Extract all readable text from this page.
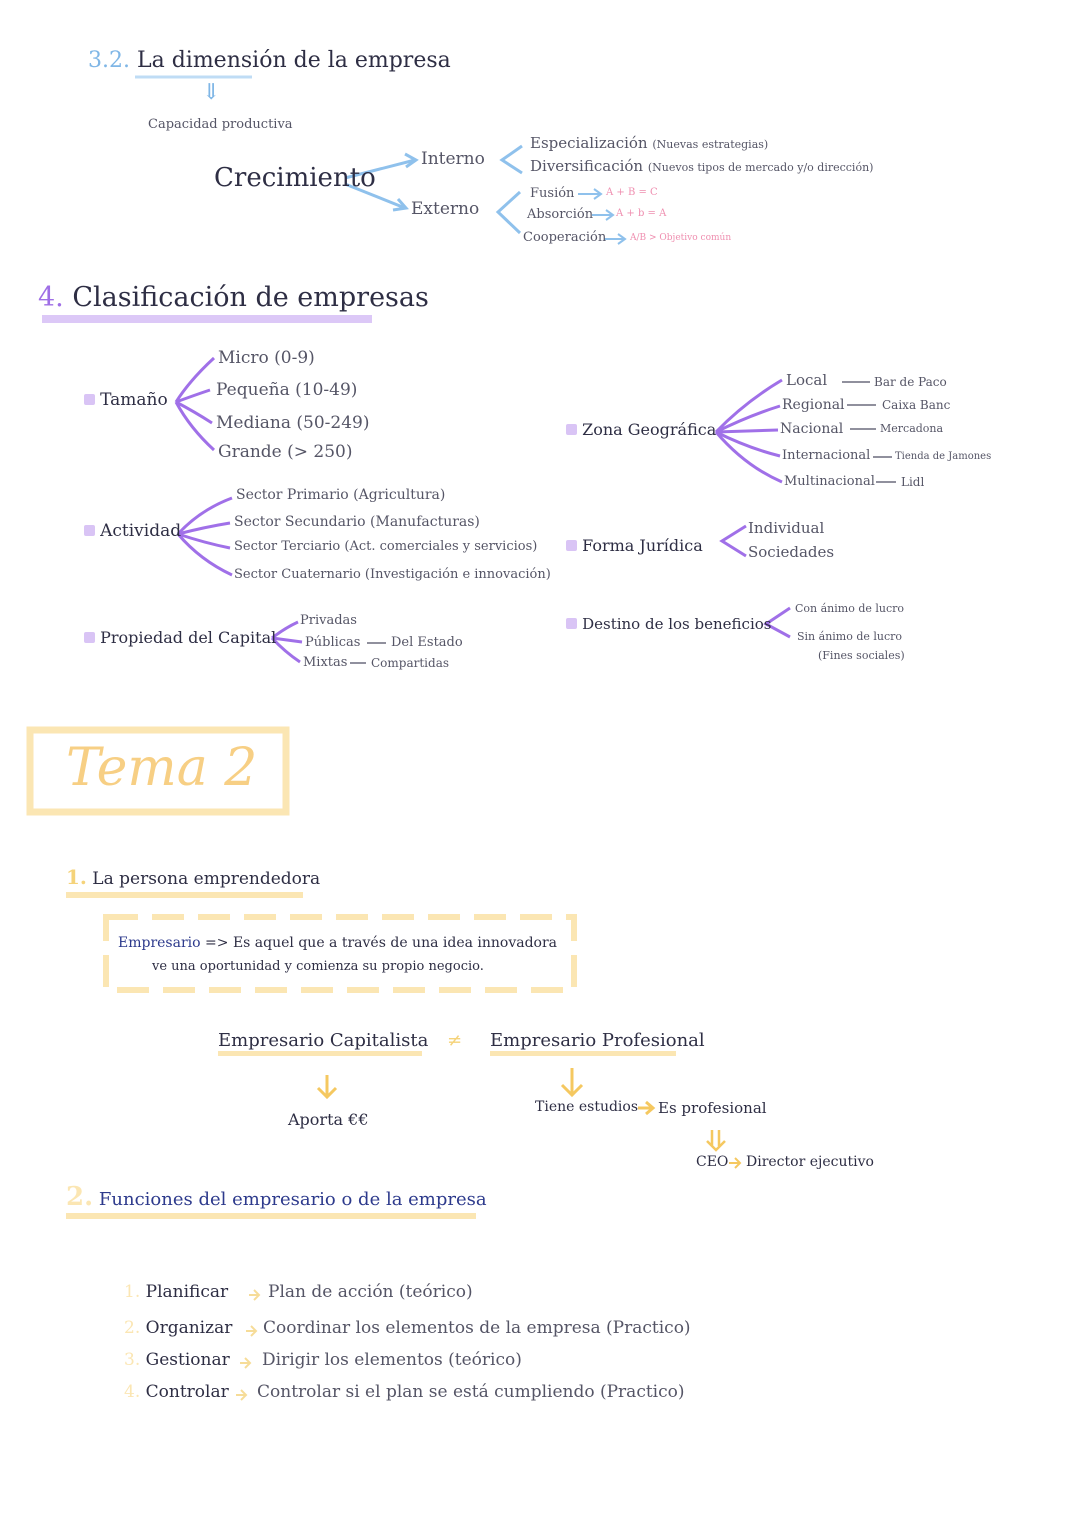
3.2. La dimensión de la empresa
⇓
Capacidad productiva
Crecimiento
Interno
Externo
Especialización (Nuevas estrategias)
Diversificación (Nuevos tipos de mercado y/o dirección)
Fusión	A + B = C
Absorción A + b = A
Cooperación	A/B > Objetivo común
4. Clasificación de empresas
Tamaño
Micro (0-9)
Pequeña (10-49)
Mediana (50-249)
Grande (> 250)
Actividad
Sector Primario (Agricultura)
Sector Secundario (Manufacturas)
Sector Terciario (Act. comerciales y servicios)
Sector Cuaternario (Investigación e innovación)
Propiedad del Capital
Privadas
Públicas Del Estado
Mixtas Compartidas
Zona Geográfica
Local	Bar de Paco
Regional	Caixa Banc
Nacional	Mercadona
Internacional Tienda de Jamones
Multinacional Lidl
Forma Jurídica
Individual
Sociedades
Destino de los beneficios
Con ánimo de lucro
Sin ánimo de lucro
(Fines sociales)
Tema 2
1. La persona emprendedora
Empresario => Es aquel que a través de una idea innovadora
ve una oportunidad y comienza su propio negocio.
Empresario Capitalista ≠ Empresario Profesional
Aporta €€
Tiene estudios Es profesional
CEO Director ejecutivo
2. Funciones del empresario o de la empresa
1. Planificar Plan de acción (teórico)
2. Organizar Coordinar los elementos de la empresa (Practico)
3. Gestionar Dirigir los elementos (teórico)
4. Controlar Controlar si el plan se está cumpliendo (Practico)
